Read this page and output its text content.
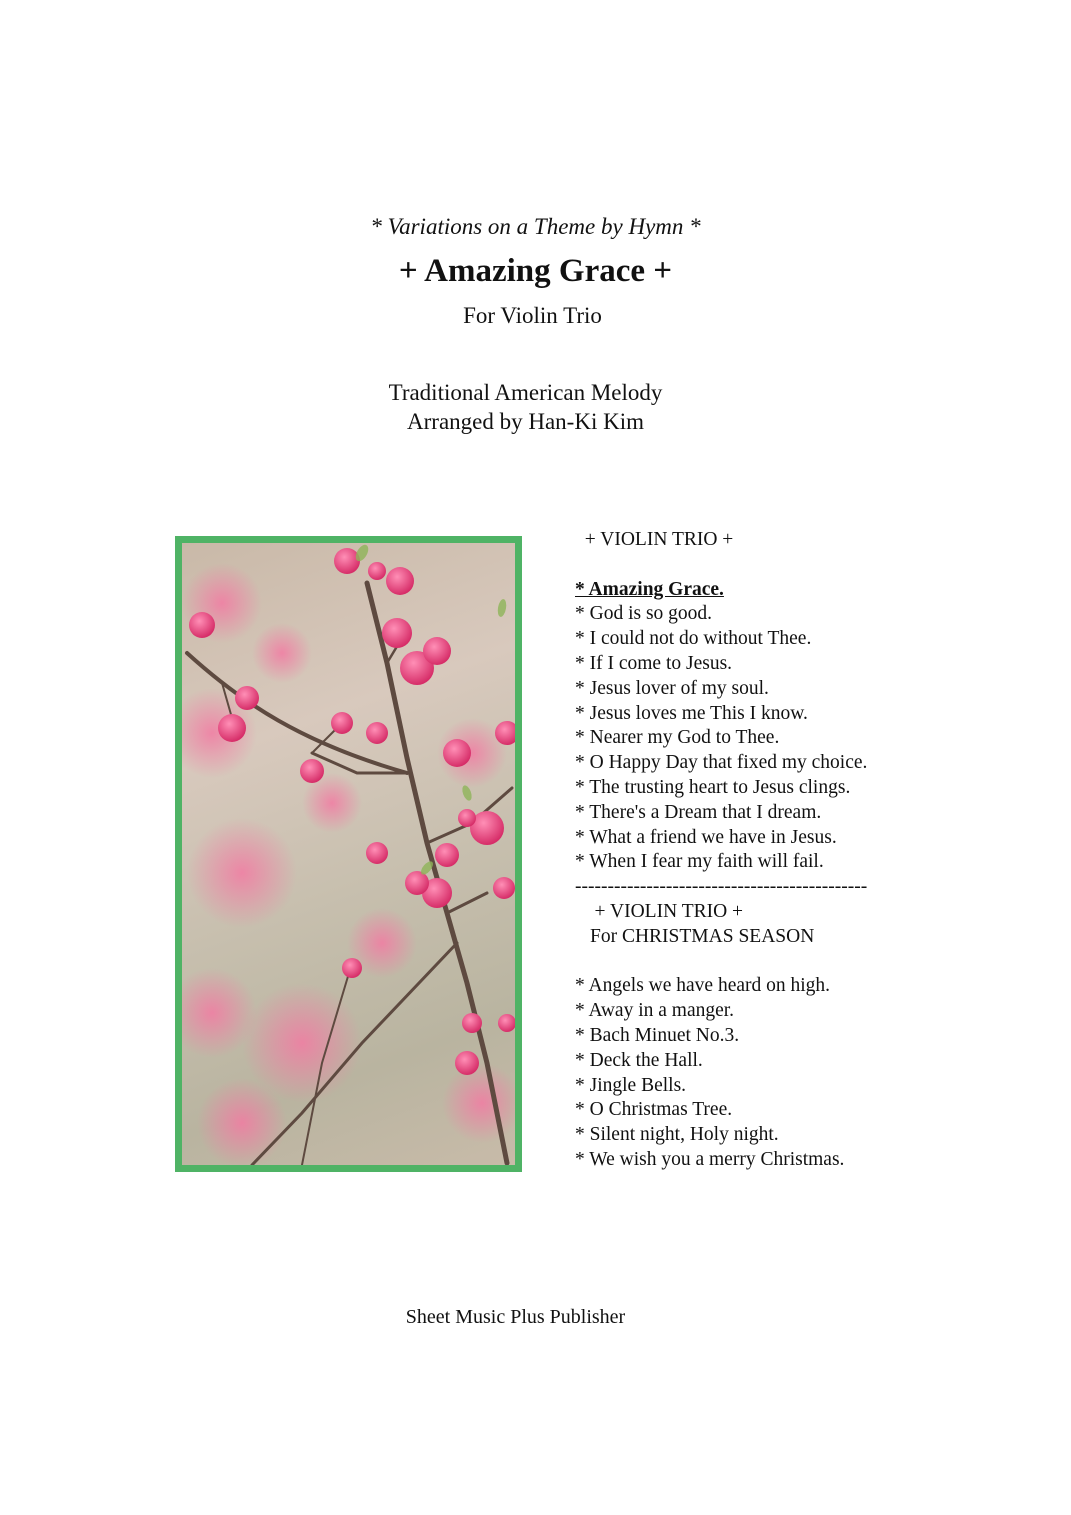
* Variations on a Theme by Hymn *
+ Amazing Grace +
For Violin Trio
Traditional American Melody
Arranged by Han-Ki Kim
+ VIOLIN TRIO +
* Amazing Grace.
* God is so good.
* I could not do without Thee.
* If I come to Jesus.
* Jesus lover of my soul.
* Jesus loves me This I know.
* Nearer my God to Thee.
* O Happy Day that fixed my choice.
* The trusting heart to Jesus clings.
* There's a Dream that I dream.
* What a friend we have in Jesus.
* When I fear my faith will fail.
---------------------------------------------
+ VIOLIN TRIO +
For CHRISTMAS SEASON
* Angels we have heard on high.
* Away in a manger.
* Bach Minuet No.3.
* Deck the Hall.
* Jingle Bells.
* O Christmas Tree.
* Silent night, Holy night.
* We wish you a merry Christmas.
Sheet Music Plus Publisher
